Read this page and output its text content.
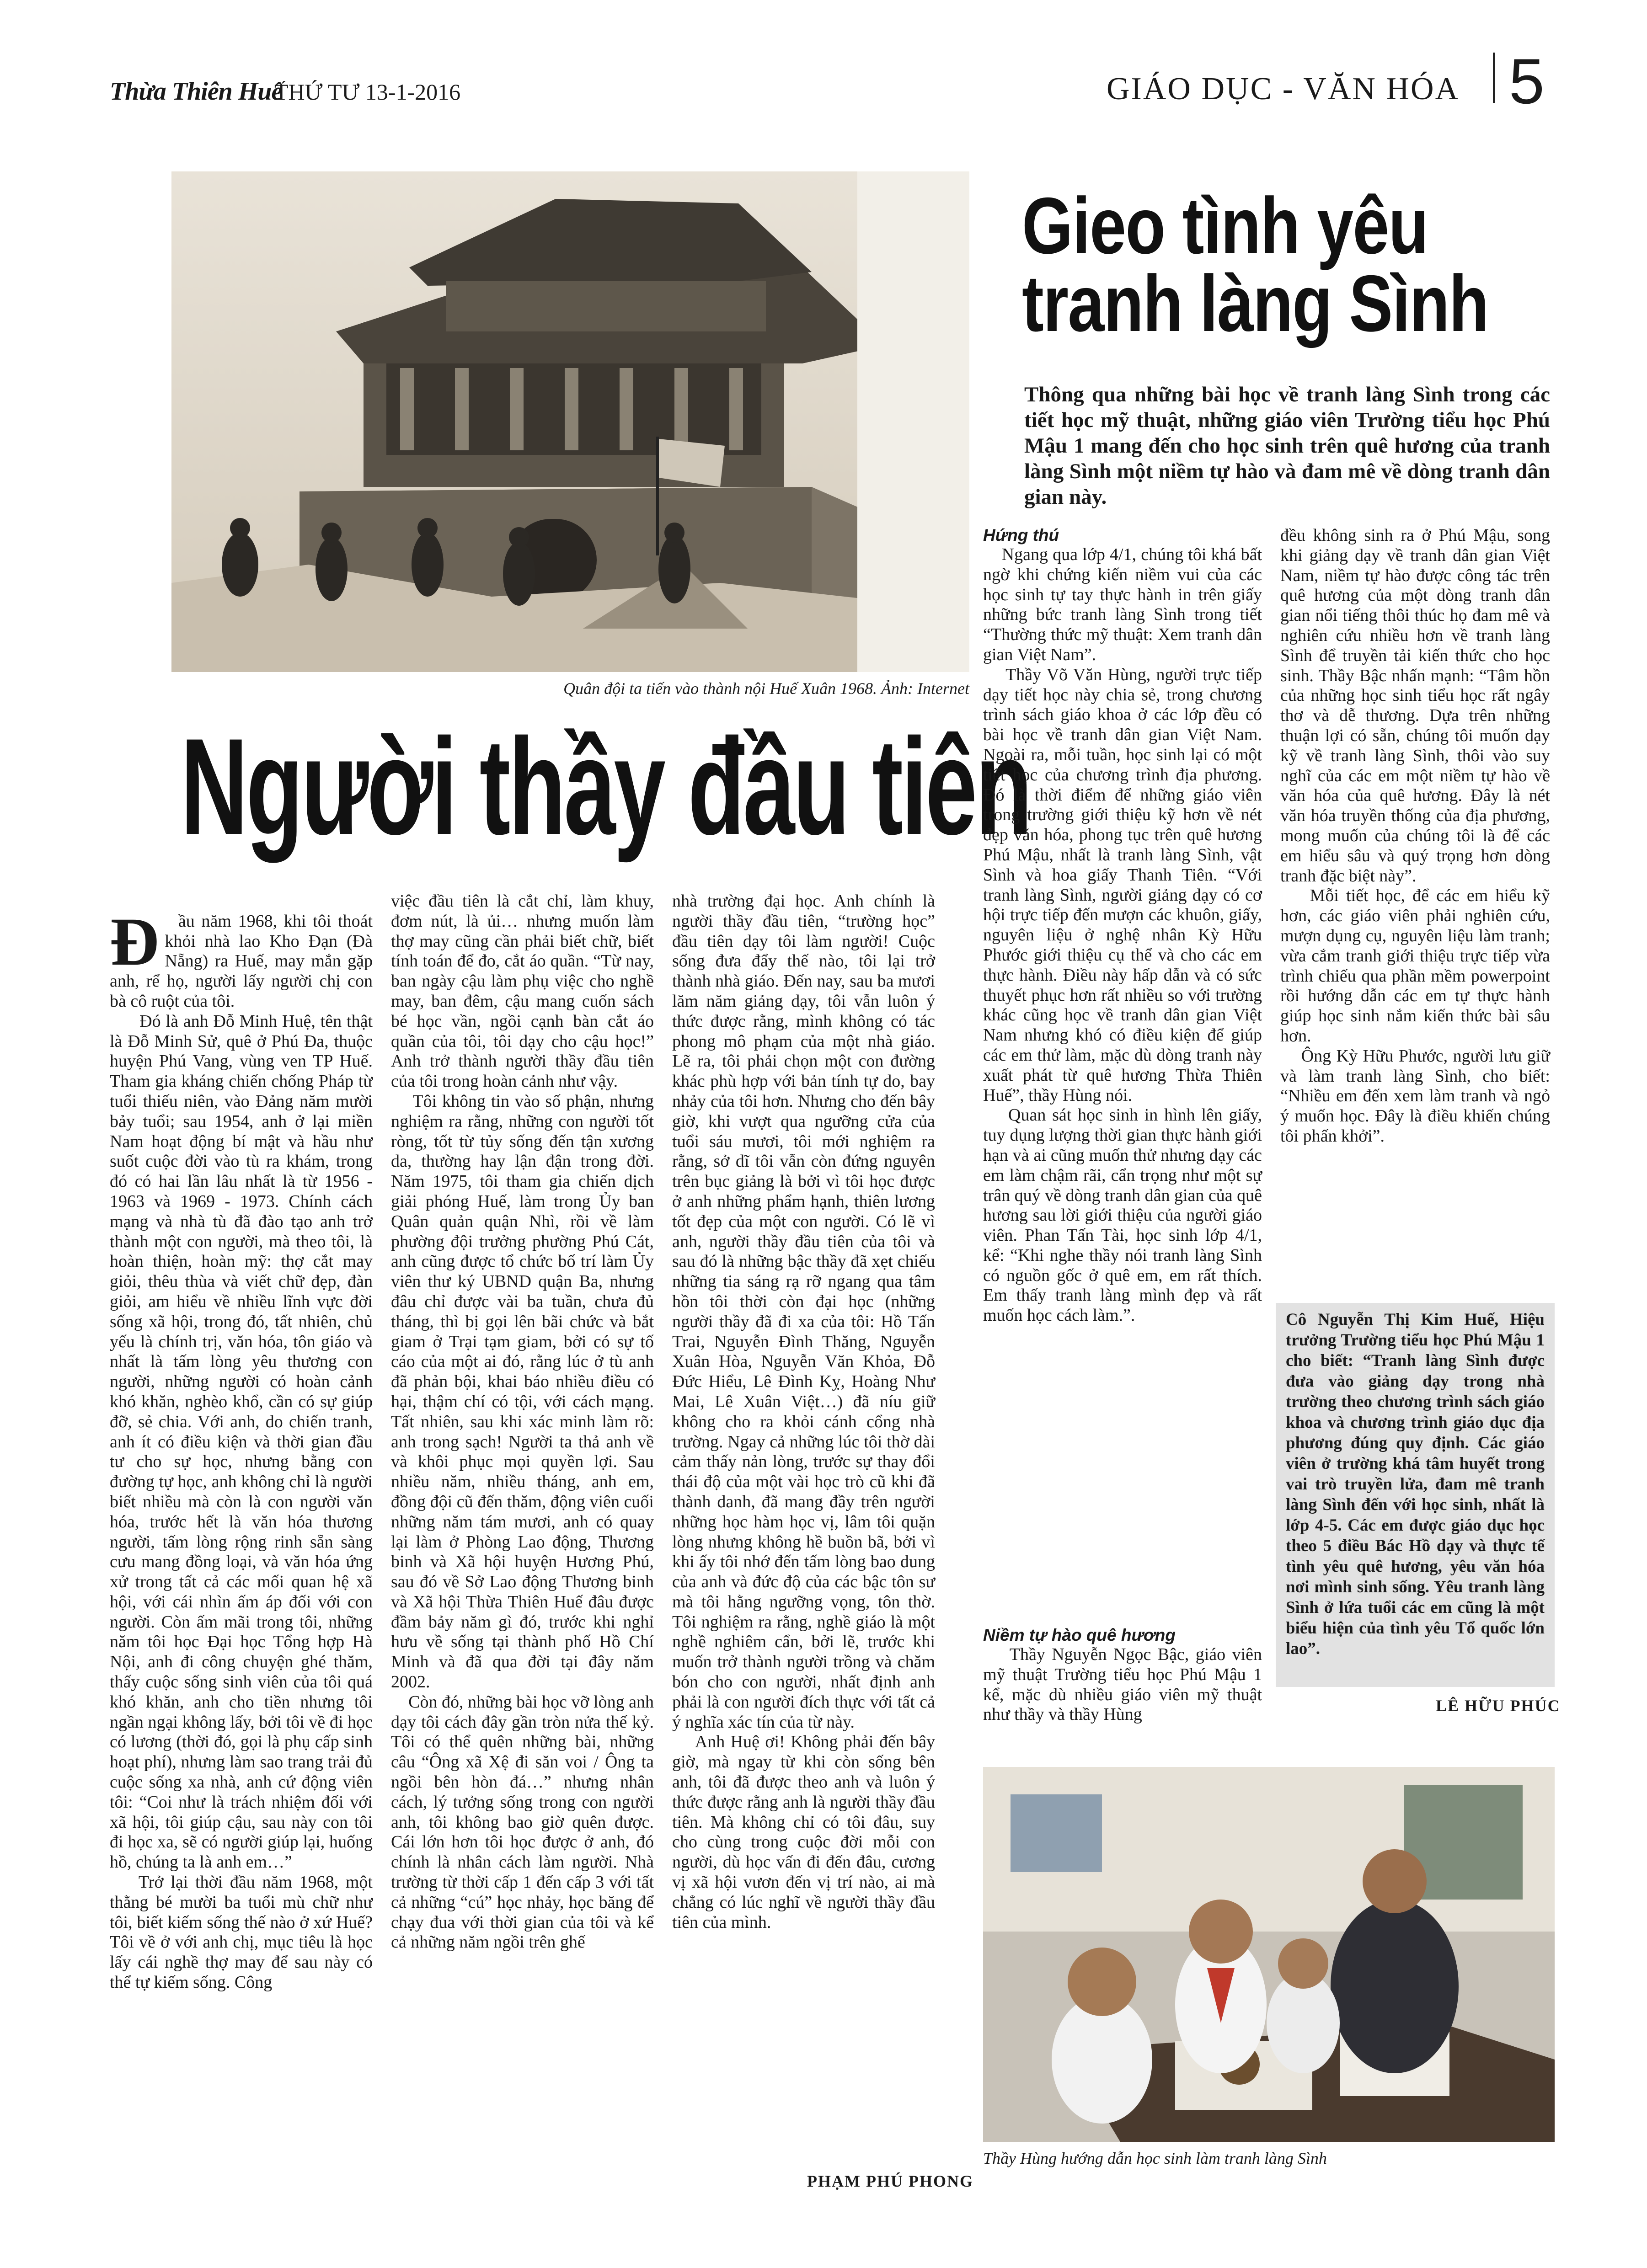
Thừa Thiên Huế
THỨ TƯ 13-1-2016	GIÁO DỤC - VĂN HÓA 5
Quân đội ta tiến vào thành nội Huế Xuân 1968. Ảnh: Internet
Người thầy đầu tiên

Đ ầu năm 1968, khi tôi thoát khỏi nhà lao Kho Đạn (Đà Nẵng) ra Huế, may mắn gặp anh, rể họ, người lấy người chị con bà cô ruột của tôi.
Đó là anh Đỗ Minh Huệ, tên thật là Đỗ Minh Sử, quê ở Phú Đa, thuộc huyện Phú Vang, vùng ven TP Huế. Tham gia kháng chiến chống Pháp từ tuổi thiếu niên, vào Đảng năm mười bảy tuổi; sau 1954, anh ở lại miền Nam hoạt động bí mật và hầu như suốt cuộc đời vào tù ra khám, trong đó có hai lần lâu nhất là từ 1956 - 1963 và 1969 - 1973. Chính cách mạng và nhà tù đã đào tạo anh trở thành một con người, mà theo tôi, là hoàn thiện, hoàn mỹ: thợ cắt may giỏi, thêu thùa và viết chữ đẹp, đàn giỏi, am hiểu về nhiều lĩnh vực đời sống xã hội, trong đó, tất nhiên, chủ yếu là chính trị, văn hóa, tôn giáo và nhất là tấm lòng yêu thương con người, những người có hoàn cảnh khó khăn, nghèo khổ, cần có sự giúp đỡ, sẻ chia. Với anh, do chiến tranh, anh ít có điều kiện và thời gian đầu tư cho sự học, nhưng bằng con đường tự học, anh không chỉ là người biết nhiều mà còn là con người văn hóa, trước hết là văn hóa thương người, tấm lòng rộng rinh sẵn sàng cưu mang đồng loại, và văn hóa ứng xử trong tất cả các mối quan hệ xã hội, với cái nhìn ấm áp đối với con người. Còn ấm mãi trong tôi, những năm tôi học Đại học Tổng hợp Hà Nội, anh đi công chuyện ghé thăm, thấy cuộc sống sinh viên của tôi quá khó khăn, anh cho tiền nhưng tôi ngần ngại không lấy, bởi tôi về đi học có lương (thời đó, gọi là phụ cấp sinh hoạt phí), nhưng làm sao trang trải đủ cuộc sống xa nhà, anh cứ động viên tôi: “Coi như là trách nhiệm đối với xã hội, tôi giúp cậu, sau này con tôi đi học xa, sẽ có người giúp lại, huống hồ, chúng ta là anh em…”
Trở lại thời đầu năm 1968, một thằng bé mười ba tuổi mù chữ như tôi, biết kiếm sống thế nào ở xứ Huế? Tôi về ở với anh chị, mục tiêu là học lấy cái nghề thợ may để sau này có thể tự kiếm sống. Công

việc đầu tiên là cắt chỉ, làm khuy, đơm nút, là ủi… nhưng muốn làm thợ may cũng cần phải biết chữ, biết tính toán để đo, cắt áo quần. “Từ nay, ban ngày cậu làm phụ việc cho nghề may, ban đêm, cậu mang cuốn sách bé học vần, ngồi cạnh bàn cắt áo quần của tôi, tôi dạy cho cậu học!” Anh trở thành người thầy đầu tiên của tôi trong hoàn cảnh như vậy.
Tôi không tin vào số phận, nhưng nghiệm ra rằng, những con người tốt ròng, tốt từ tủy sống đến tận xương da, thường hay lận đận trong đời. Năm 1975, tôi tham gia chiến dịch giải phóng Huế, làm trong Ủy ban Quân quản quận Nhì, rồi về làm phường đội trưởng phường Phú Cát, anh cũng được tổ chức bố trí làm Ủy viên thư ký UBND quận Ba, nhưng đâu chỉ được vài ba tuần, chưa đủ tháng, thì bị gọi lên bãi chức và bắt giam ở Trại tạm giam, bởi có sự tố cáo của một ai đó, rằng lúc ở tù anh đã phản bội, khai báo nhiều điều có hại, thậm chí có tội, với cách mạng. Tất nhiên, sau khi xác minh làm rõ: anh trong sạch! Người ta thả anh về và khôi phục mọi quyền lợi. Sau nhiều năm, nhiều tháng, anh em, đồng đội cũ đến thăm, động viên cuối những năm tám mươi, anh có quay lại làm ở Phòng Lao động, Thương binh và Xã hội huyện Hương Phú, sau đó về Sở Lao động Thương binh và Xã hội Thừa Thiên Huế đâu được đầm bảy năm gì đó, trước khi nghỉ hưu về sống tại thành phố Hồ Chí Minh và đã qua đời tại đây năm 2002.
Còn đó, những bài học vỡ lòng anh dạy tôi cách đây gần tròn nửa thế kỷ. Tôi có thể quên những bài, những câu “Ông xã Xệ đi săn voi / Ông ta ngồi bên hòn đá…” nhưng nhân cách, lý tưởng sống trong con người anh, tôi không bao giờ quên được. Cái lớn hơn tôi học được ở anh, đó chính là nhân cách làm người. Nhà trường từ thời cấp 1 đến cấp 3 với tất cả những “cú” học nhảy, học băng để chạy đua với thời gian của tôi và kể cả những năm ngồi trên ghế
nhà trường đại học. Anh chính là người thầy đầu tiên, “trường học” đầu tiên dạy tôi làm người! Cuộc sống đưa đẩy thế nào, tôi lại trở thành nhà giáo. Đến nay, sau ba mươi lăm năm giảng dạy, tôi vẫn luôn ý thức được rằng, mình không có tác phong mô phạm của một nhà giáo. Lẽ ra, tôi phải chọn một con đường khác phù hợp với bản tính tự do, bay nhảy của tôi hơn. Nhưng cho đến bây giờ, khi vượt qua ngưỡng cửa của tuổi sáu mươi, tôi mới nghiệm ra rằng, sở dĩ tôi vẫn còn đứng nguyên trên bục giảng là bởi vì tôi học được ở anh những phẩm hạnh, thiên lương tốt đẹp của một con người. Có lẽ vì anh, người thầy đầu tiên của tôi và sau đó là những bậc thầy đã xẹt chiếu những tia sáng rạ rỡ ngang qua tâm hồn tôi thời còn đại học (những người thầy đã đi xa của tôi: Hồ Tấn Trai, Nguyễn Đình Thăng, Nguyễn Xuân Hòa, Nguyễn Văn Khỏa, Đỗ Đức Hiểu, Lê Đình Kỵ, Hoàng Như Mai, Lê Xuân Việt…) đã níu giữ không cho ra khỏi cánh cổng nhà trường. Ngay cả những lúc tôi thờ dài cảm thấy nản lòng, trước sự thay đổi thái độ của một vài học trò cũ khi đã thành danh, đã mang đầy trên người những học hàm học vị, lâm tôi quặn lòng nhưng không hề buồn bã, bởi vì khi ấy tôi nhớ đến tấm lòng bao dung của anh và đức độ của các bậc tôn sư mà tôi hằng ngưỡng vọng, tôn thờ. Tôi nghiệm ra rằng, nghề giáo là một nghề nghiêm cẩn, bởi lẽ, trước khi muốn trở thành người trồng và chăm bón cho con người, nhất định anh phải là con người đích thực với tất cả ý nghĩa xác tín của từ này.
Anh Huệ ơi! Không phải đến bây giờ, mà ngay từ khi còn sống bên anh, tôi đã được theo anh và luôn ý thức được rằng anh là người thầy đầu tiên. Mà không chỉ có tôi đâu, suy cho cùng trong cuộc đời mỗi con người, dù học vấn đi đến đâu, cương vị xã hội vươn đến vị trí nào, ai mà chẳng có lúc nghĩ về người thầy đầu tiên của mình.
PHẠM PHÚ PHONG
Gieo tình yêu
tranh làng Sình
Thông qua những bài học về tranh làng Sình trong các tiết học mỹ thuật, những giáo viên Trường tiểu học Phú Mậu 1 mang đến cho học sinh trên quê hương của tranh làng Sình một niềm tự hào và đam mê về dòng tranh dân gian này.
Hứng thú
Ngang qua lớp 4/1, chúng tôi khá bất ngờ khi chứng kiến niềm vui của các học sinh tự tay thực hành in trên giấy những bức tranh làng Sình trong tiết “Thường thức mỹ thuật: Xem tranh dân gian Việt Nam”.
Thầy Võ Văn Hùng, người trực tiếp dạy tiết học này chia sẻ, trong chương trình sách giáo khoa ở các lớp đều có bài học về tranh dân gian Việt Nam. Ngoài ra, mỗi tuần, học sinh lại có một tiết học của chương trình địa phương. Đó là thời điểm để những giáo viên trong trường giới thiệu kỹ hơn về nét đẹp văn hóa, phong tục trên quê hương Phú Mậu, nhất là tranh làng Sình, vật Sình và hoa giấy Thanh Tiên. “Với tranh làng Sình, người giảng dạy có cơ hội trực tiếp đến mượn các khuôn, giấy, nguyên liệu ở nghệ nhân Kỳ Hữu Phước giới thiệu cụ thể và cho các em thực hành. Điều này hấp dẫn và có sức thuyết phục hơn rất nhiều so với trường khác cũng học về tranh dân gian Việt Nam nhưng khó có điều kiện để giúp các em thử làm, mặc dù dòng tranh này xuất phát từ quê hương Thừa Thiên Huế”, thầy Hùng nói.
Quan sát học sinh in hình lên giấy, tuy dụng lượng thời gian thực hành giới hạn và ai cũng muốn thử nhưng dạy các em làm chậm rãi, cẩn trọng như một sự trân quý về dòng tranh dân gian của quê hương sau lời giới thiệu của người giáo viên. Phan Tấn Tài, học sinh lớp 4/1, kể: “Khi nghe thầy nói tranh làng Sình có nguồn gốc ở quê em, em rất thích. Em thấy tranh làng mình đẹp và rất muốn học cách làm.”.
Niềm tự hào quê hương
Thầy Nguyễn Ngọc Bậc, giáo viên mỹ thuật Trường tiểu học Phú Mậu 1 kể, mặc dù nhiều giáo viên mỹ thuật như thầy và thầy Hùng
đều không sinh ra ở Phú Mậu, song khi giảng dạy về tranh dân gian Việt Nam, niềm tự hào được công tác trên quê hương của một dòng tranh dân gian nổi tiếng thôi thúc họ đam mê và nghiên cứu nhiều hơn về tranh làng Sình để truyền tải kiến thức cho học sinh. Thầy Bậc nhấn mạnh: “Tâm hồn của những học sinh tiểu học rất ngây thơ và dễ thương. Dựa trên những thuận lợi có sẵn, chúng tôi muốn dạy kỹ về tranh làng Sình, thôi vào suy nghĩ của các em một niềm tự hào về văn hóa của quê hương. Đây là nét văn hóa truyền thống của địa phương, mong muốn của chúng tôi là để các em hiểu sâu và quý trọng hơn dòng tranh đặc biệt này”.
Mỗi tiết học, để các em hiểu kỹ hơn, các giáo viên phải nghiên cứu, mượn dụng cụ, nguyên liệu làm tranh; vừa cắm tranh giới thiệu trực tiếp vừa trình chiếu qua phần mềm powerpoint rồi hướng dẫn các em tự thực hành giúp học sinh nắm kiến thức bài sâu hơn.
Ông Kỳ Hữu Phước, người lưu giữ và làm tranh làng Sình, cho biết: “Nhiều em đến xem làm tranh và ngỏ ý muốn học. Đây là điều khiến chúng tôi phấn khởi”.
Cô Nguyễn Thị Kim Huế, Hiệu trưởng Trường tiểu học Phú Mậu 1 cho biết: “Tranh làng Sình được đưa vào giảng dạy trong nhà trường theo chương trình sách giáo khoa và chương trình giáo dục địa phương đúng quy định. Các giáo viên ở trường khá tâm huyết trong vai trò truyền lửa, đam mê tranh làng Sình đến với học sinh, nhất là lớp 4-5. Các em được giáo dục học theo 5 điều Bác Hồ dạy và thực tế tình yêu quê hương, yêu văn hóa nơi mình sinh sống. Yêu tranh làng Sình ở lứa tuổi các em cũng là một biểu hiện của tình yêu Tổ quốc lớn lao”.
LÊ HỮU PHÚC
Thầy Hùng hướng dẫn học sinh làm tranh làng Sình
